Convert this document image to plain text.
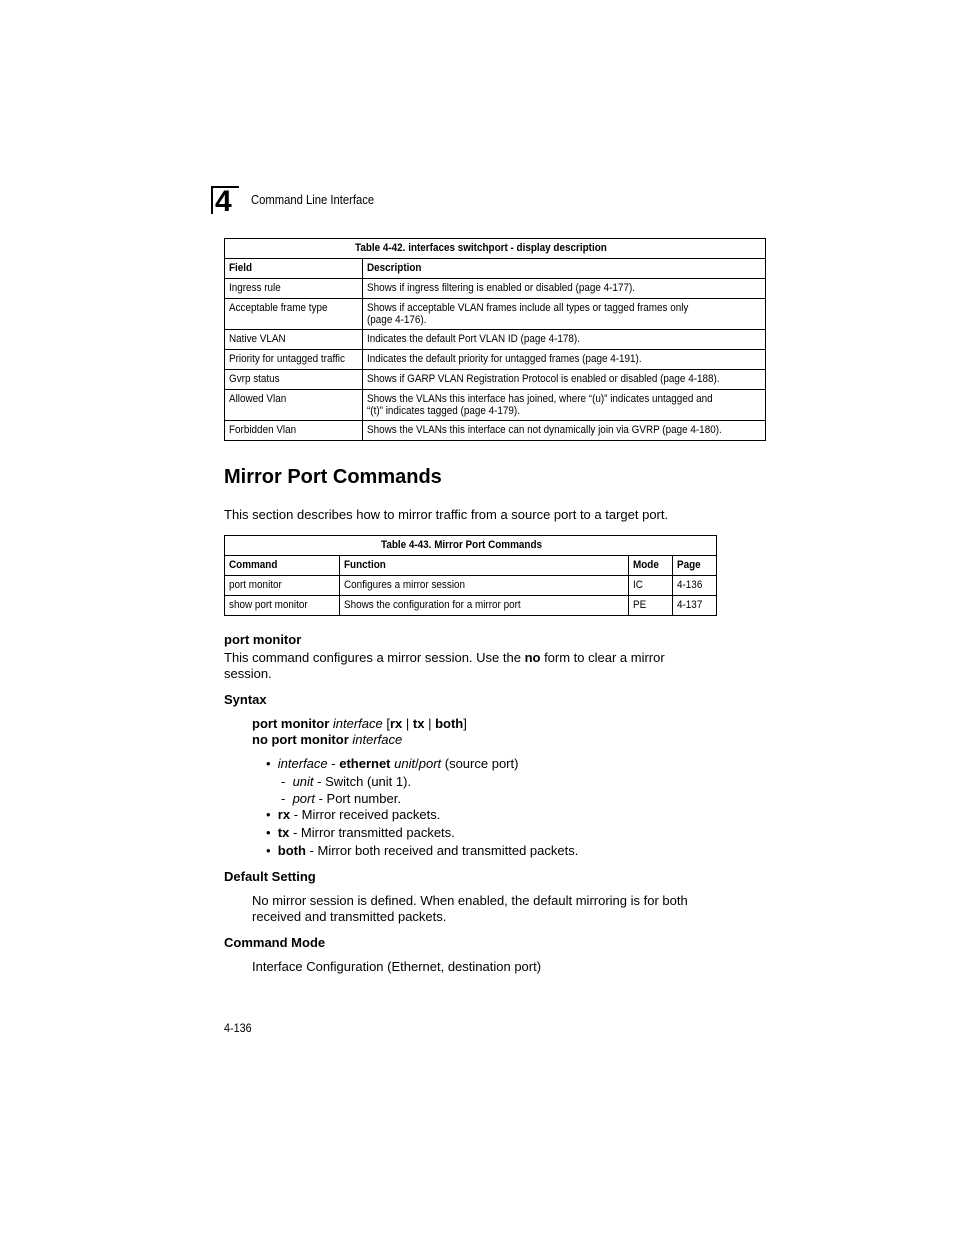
4	Command Line Interface
Table 4-42. interfaces switchport - display description	
Field	Description
Ingress rule	Shows if ingress filtering is enabled or disabled (page 4-177).
Acceptable frame type	Shows if acceptable VLAN frames include all types or tagged frames only
(page 4-176).
Native VLAN	Indicates the default Port VLAN ID (page 4-178).
Priority for untagged traffic	Indicates the default priority for untagged frames (page 4-191).
Gvrp status	Shows if GARP VLAN Registration Protocol is enabled or disabled (page 4-188).
Allowed Vlan	Shows the VLANs this interface has joined, where “(u)” indicates untagged and
“(t)” indicates tagged (page 4-179).
Forbidden Vlan	Shows the VLANs this interface can not dynamically join via GVRP (page 4-180).
Mirror Port Commands
This section describes how to mirror traffic from a source port to a target port.
Table 4-43. Mirror Port Commands			
Command	Function	Mode	Page
port monitor	Configures a mirror session	IC	4-136
show port monitor	Shows the configuration for a mirror port	PE	4-137
port monitor
This command configures a mirror session. Use the no form to clear a mirror
session.
Syntax
port monitor interface [rx | tx | both]
no port monitor interface
•  interface - ethernet unit/port (source port)
-  unit - Switch (unit 1).
-  port - Port number.
•  rx - Mirror received packets.
•  tx - Mirror transmitted packets.
•  both - Mirror both received and transmitted packets.
Default Setting
No mirror session is defined. When enabled, the default mirroring is for both
received and transmitted packets.
Command Mode
Interface Configuration (Ethernet, destination port)
4-136
